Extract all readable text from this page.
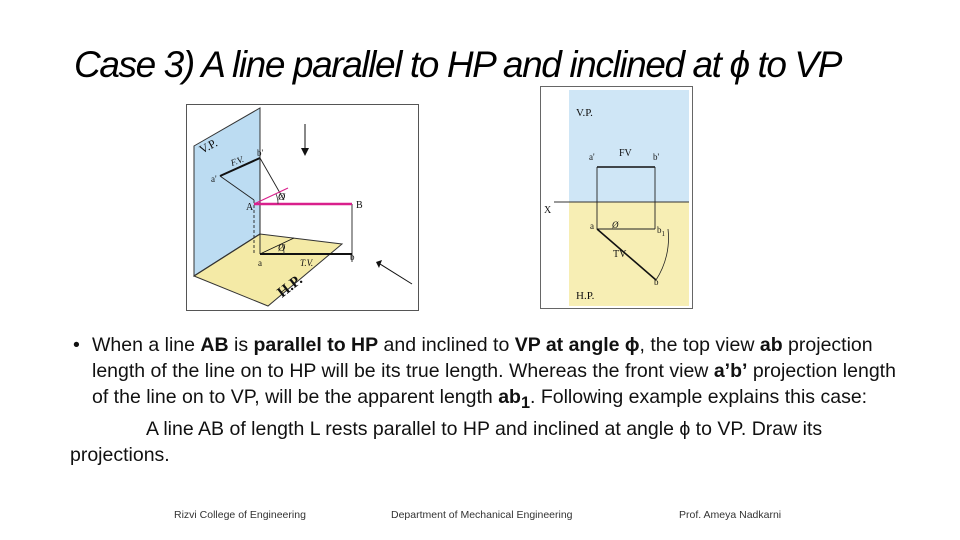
Case 3) A line parallel to HP and inclined at ϕ to VP
V.P.
H.P.
F.V.
T.V.
a'
b'
A	B
a
b
Ø
Ø
V.P.
H.P.
X
FV
TV
a'	b'
a Ø	$b_1$
b

• When a line AB is parallel to HP and inclined to VP at angle ϕ, the top view ab projection length of the line on to HP will be its true length. Whereas the front view a’b’ projection length of the line on to VP, will be the apparent length $ab_1$. Following example explains this case:

A line AB of length L rests parallel to HP and inclined at angle ϕ to VP. Draw its projections.

Rizvi College of Engineering	Department of Mechanical Engineering	Prof. Ameya Nadkarni
